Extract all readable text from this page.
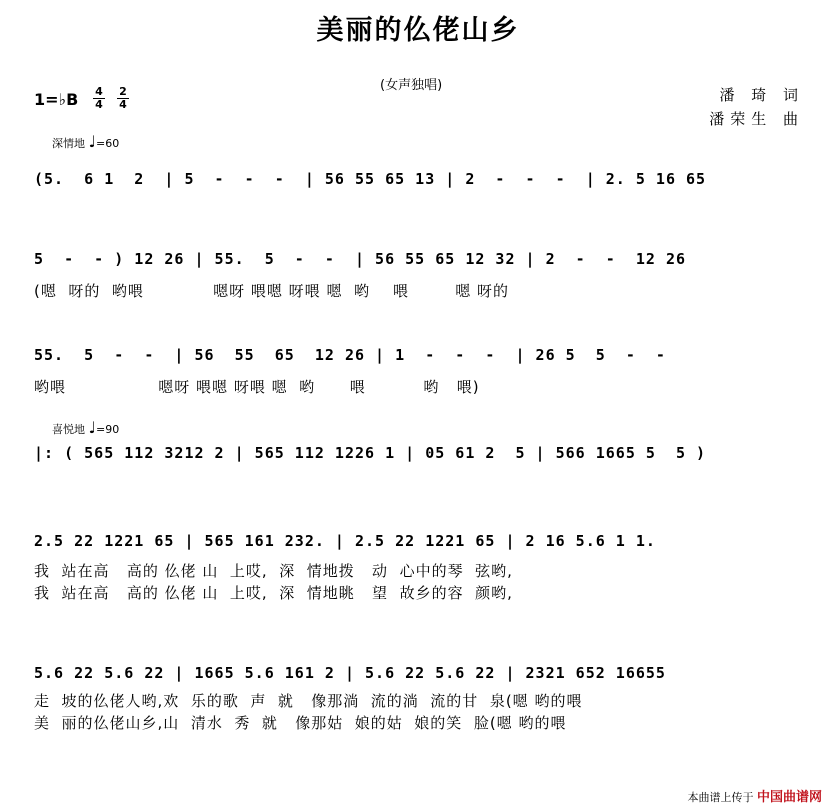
美丽的仫佬山乡
(女声独唱)
潘 琦 词
潘荣生 曲
1=♭B 4
4
2
4
深情地 ♩=60
(5.  6 1  2  | 5  -  -  -  | 56 55 65 13 | 2  -  -  -  | 2. 5 16 65
5  -  - ) 12 26 | 55.  5  -  -  | 56 55 65 12 32 | 2  -  -  12 26
(嗯  呀的  哟喂            嗯呀 喂嗯 呀喂 嗯  哟    喂        嗯 呀的
55.  5  -  -  | 56  55  65  12 26 | 1  -  -  -  | 26 5  5  -  -
哟喂                嗯呀 喂嗯 呀喂 嗯  哟      喂          哟   喂)
喜悦地 ♩=90
|: ( 565 112 3212 2 | 565 112 1226 1 | 05 61 2  5 | 566 1665 5  5 )
2.5 22 1221 65 | 565 161 232. | 2.5 22 1221 65 | 2 16 5.6 1 1.
我  站在高   高的 仫佬 山  上哎,  深  情地拨   动  心中的琴  弦哟,
我  站在高   高的 仫佬 山  上哎,  深  情地眺   望  故乡的容  颜哟,
5.6 22 5.6 22 | 1665 5.6 161 2 | 5.6 22 5.6 22 | 2321 652 16655
走  坡的仫佬人哟,欢  乐的歌  声  就   像那淌  流的淌  流的甘  泉(嗯 哟的喂
美  丽的仫佬山乡,山  清水  秀  就   像那姑  娘的姑  娘的笑  脸(嗯 哟的喂
本曲谱上传于 中国曲谱网
